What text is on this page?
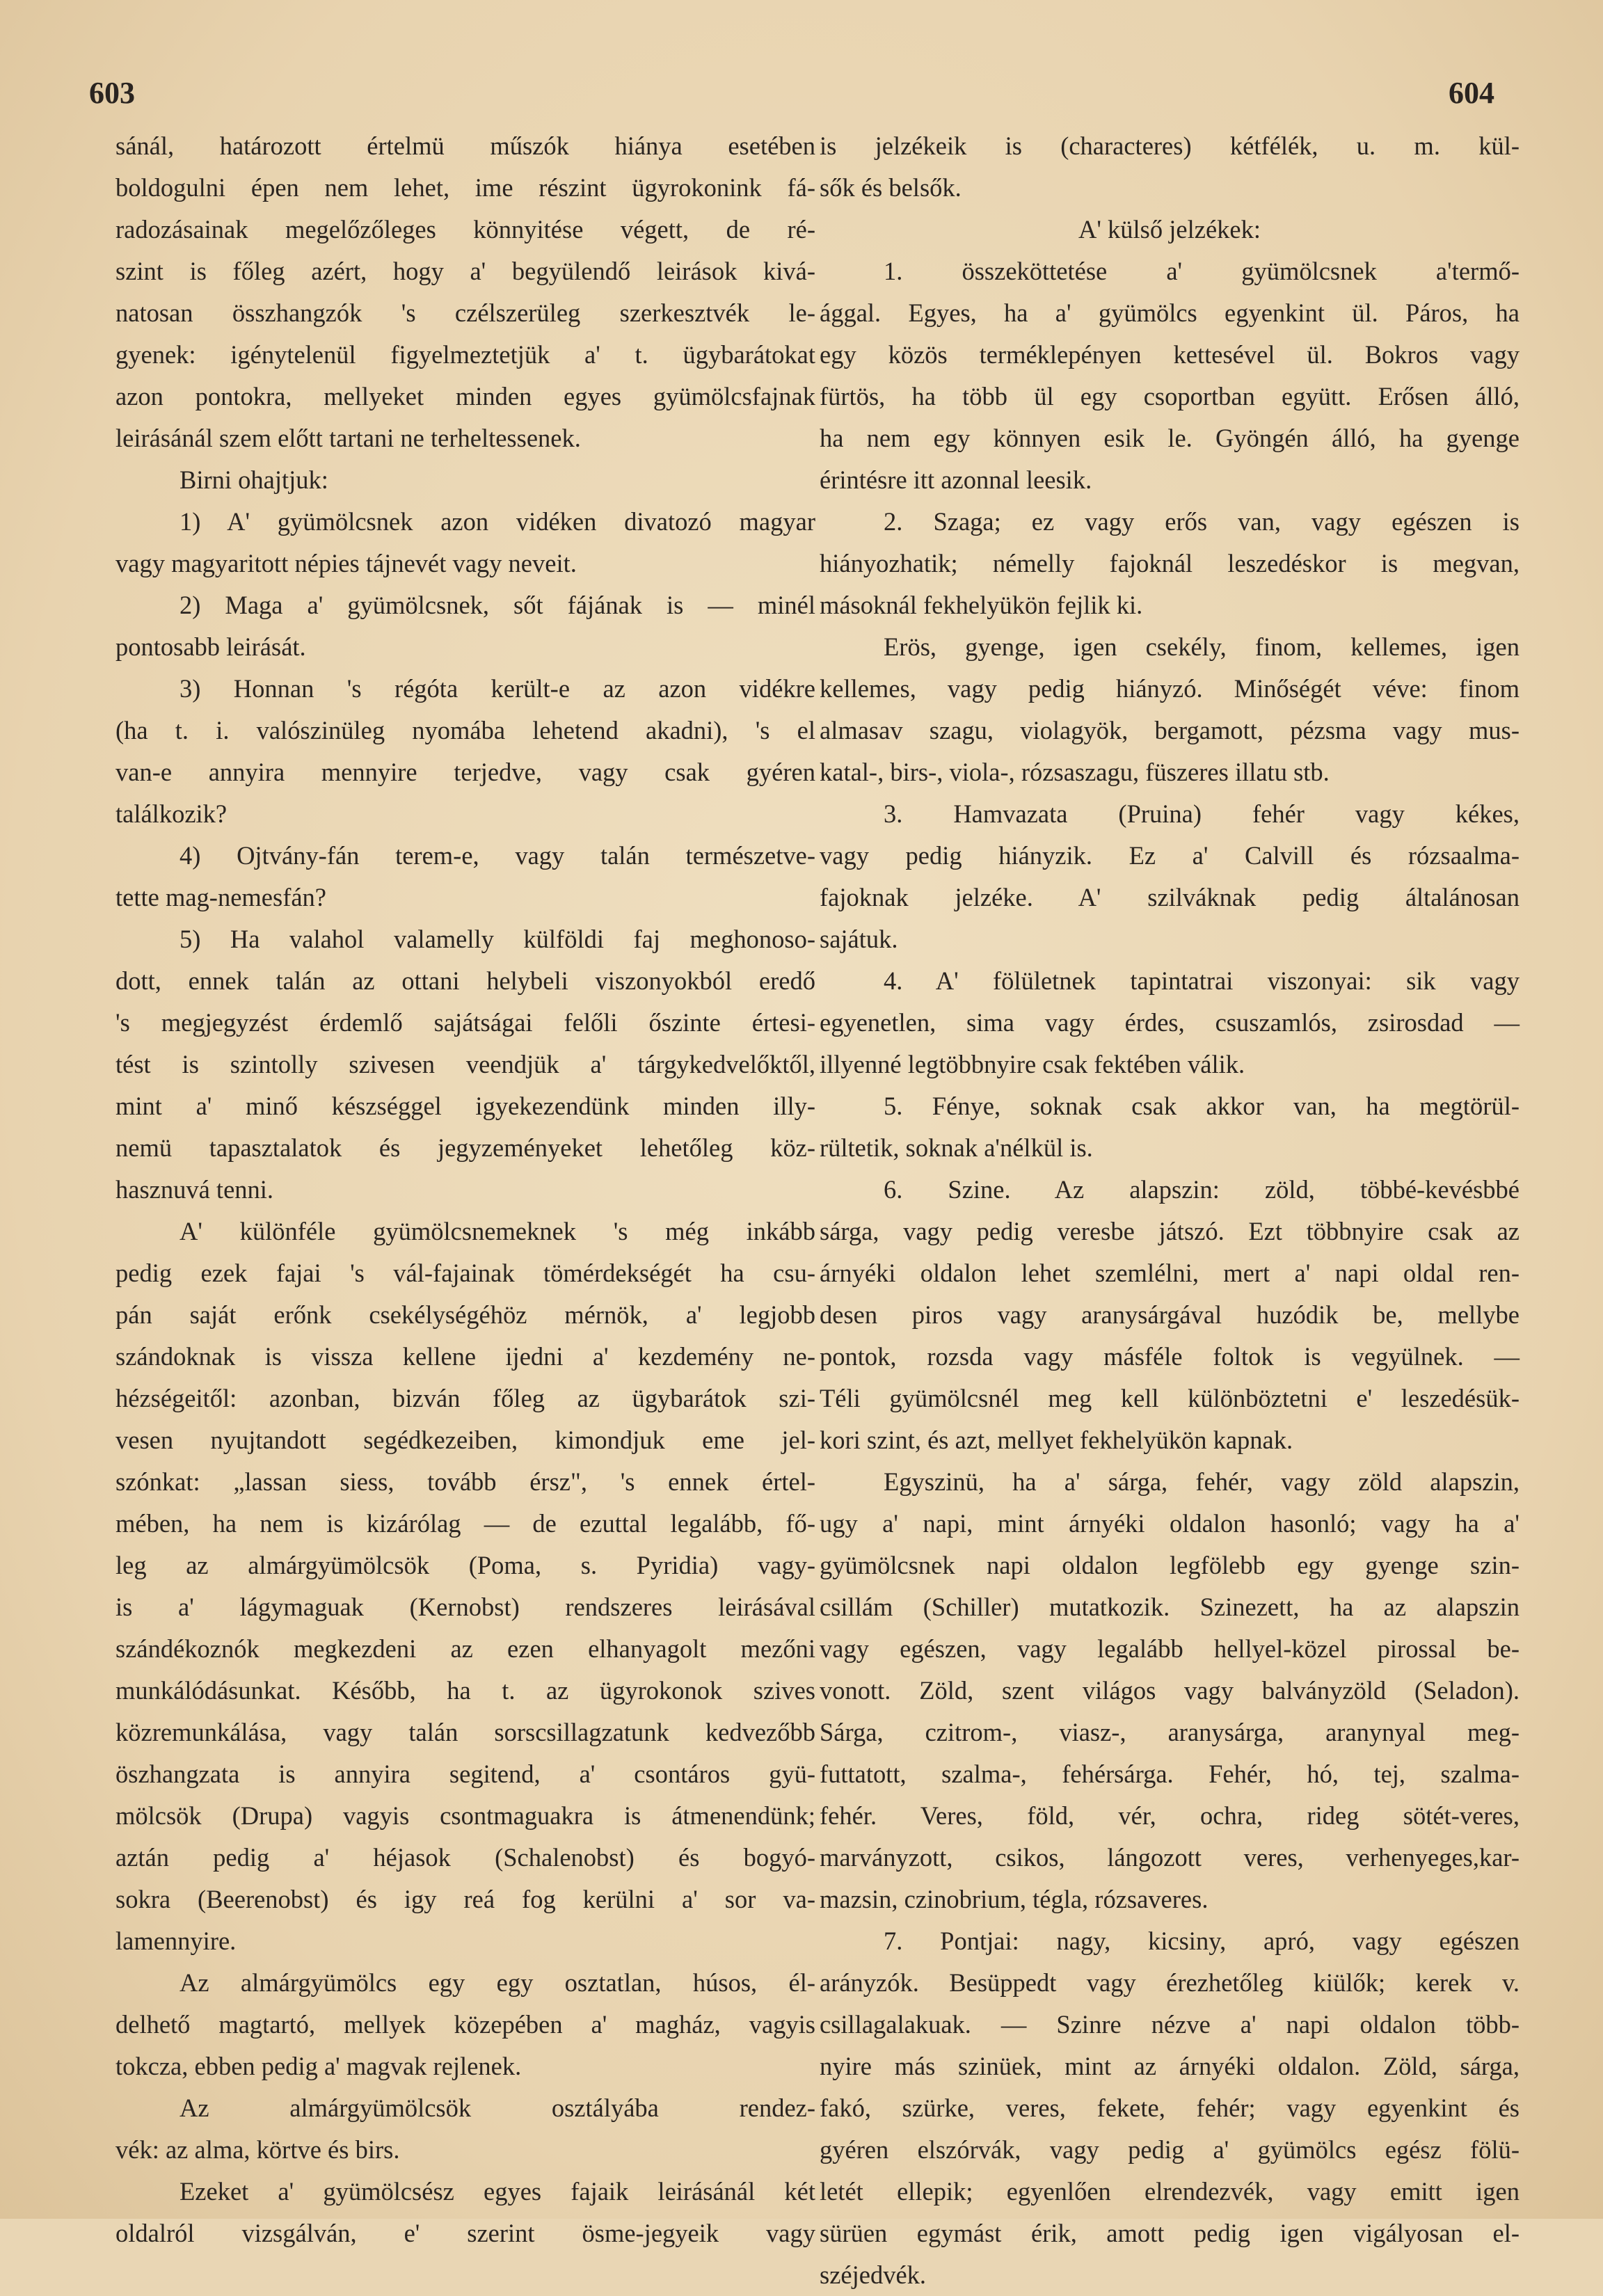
603	604
sánál, határozott értelmü műszók hiánya esetében
boldogulni épen nem lehet, ime részint ügyrokonink fá-
radozásainak megelőzőleges könnyitése végett, de ré-
szint is főleg azért, hogy a' begyülendő leirások kivá-
natosan összhangzók 's czélszerüleg szerkesztvék le-
gyenek: igénytelenül figyelmeztetjük a' t. ügybarátokat
azon pontokra, mellyeket minden egyes gyümölcsfajnak
leirásánál szem előtt tartani ne terheltessenek.
Birni ohajtjuk:
1) A' gyümölcsnek azon vidéken divatozó magyar
vagy magyaritott népies tájnevét vagy neveit.
2) Maga a' gyümölcsnek, sőt fájának is — minél
pontosabb leirását.
3) Honnan 's régóta került-e az azon vidékre
(ha t. i. valószinüleg nyomába lehetend akadni), 's el
van-e annyira mennyire terjedve, vagy csak gyéren
találkozik?
4) Ojtvány-fán terem-e, vagy talán természetve-
tette mag-nemesfán?
5) Ha valahol valamelly külföldi faj meghonoso-
dott, ennek talán az ottani helybeli viszonyokból eredő
's megjegyzést érdemlő sajátságai felőli őszinte értesi-
tést is szintolly szivesen veendjük a' tárgykedvelőktől,
mint a' minő készséggel igyekezendünk minden illy-
nemü tapasztalatok és jegyzeményeket lehetőleg köz-
hasznuvá tenni.
A' különféle gyümölcsnemeknek 's még inkább
pedig ezek fajai 's vál-fajainak tömérdekségét ha csu-
pán saját erőnk csekélységéhöz mérnök, a' legjobb
szándoknak is vissza kellene ijedni a' kezdemény ne-
hézségeitől: azonban, bizván főleg az ügybarátok szi-
vesen nyujtandott segédkezeiben, kimondjuk eme jel-
szónkat: „lassan siess, tovább érsz", 's ennek értel-
mében, ha nem is kizárólag — de ezuttal legalább, fő-
leg az almárgyümölcsök (Poma, s. Pyridia) vagy-
is a' lágymaguak (Kernobst) rendszeres leirásával
szándékoznók megkezdeni az ezen elhanyagolt mezőni
munkálódásunkat. Később, ha t. az ügyrokonok szives
közremunkálása, vagy talán sorscsillagzatunk kedvezőbb
öszhangzata is annyira segitend, a' csontáros gyü-
mölcsök (Drupa) vagyis csontmaguakra is átmenendünk;
aztán pedig a' héjasok (Schalenobst) és bogyó-
sokra (Beerenobst) és igy reá fog kerülni a' sor va-
lamennyire.
Az almárgyümölcs egy egy osztatlan, húsos, él-
delhető magtartó, mellyek közepében a' magház, vagyis
tokcza, ebben pedig a' magvak rejlenek.
Az almárgyümölcsök osztályába rendez-
vék: az alma, körtve és birs.
Ezeket a' gyümölcsész egyes fajaik leirásánál két
oldalról vizsgálván, e' szerint ösme-jegyeik vagy
is jelzékeik is (characteres) kétfélék, u. m. kül-
sők és belsők.
A' külső jelzékek:
1. összeköttetése a' gyümölcsnek a'termő-
ággal. Egyes, ha a' gyümölcs egyenkint ül. Páros, ha
egy közös terméklepényen kettesével ül. Bokros vagy
fürtös, ha több ül egy csoportban együtt. Erősen álló,
ha nem egy könnyen esik le. Gyöngén álló, ha gyenge
érintésre itt azonnal leesik.
2. Szaga; ez vagy erős van, vagy egészen is
hiányozhatik; némelly fajoknál leszedéskor is megvan,
másoknál fekhelyükön fejlik ki.
Erös, gyenge, igen csekély, finom, kellemes, igen
kellemes, vagy pedig hiányzó. Minőségét véve: finom
almasav szagu, violagyök, bergamott, pézsma vagy mus-
katal-, birs-, viola-, rózsaszagu, füszeres illatu stb.
3. Hamvazata (Pruina) fehér vagy kékes,
vagy pedig hiányzik. Ez a' Calvill és rózsaalma-
fajoknak jelzéke. A' szilváknak pedig általánosan
sajátuk.
4. A' fölületnek tapintatrai viszonyai: sik vagy
egyenetlen, sima vagy érdes, csuszamlós, zsirosdad —
illyenné legtöbbnyire csak fektében válik.
5. Fénye, soknak csak akkor van, ha megtörül-
rültetik, soknak a'nélkül is.
6. Szine. Az alapszin: zöld, többé-kevésbbé
sárga, vagy pedig veresbe játszó. Ezt többnyire csak az
árnyéki oldalon lehet szemlélni, mert a' napi oldal ren-
desen piros vagy aranysárgával huzódik be, mellybe
pontok, rozsda vagy másféle foltok is vegyülnek. —
Téli gyümölcsnél meg kell különböztetni e' leszedésük-
kori szint, és azt, mellyet fekhelyükön kapnak.
Egyszinü, ha a' sárga, fehér, vagy zöld alapszin,
ugy a' napi, mint árnyéki oldalon hasonló; vagy ha a'
gyümölcsnek napi oldalon legfölebb egy gyenge szin-
csillám (Schiller) mutatkozik. Szinezett, ha az alapszin
vagy egészen, vagy legalább hellyel-közel pirossal be-
vonott. Zöld, szent világos vagy balványzöld (Seladon).
Sárga, czitrom-, viasz-, aranysárga, aranynyal meg-
futtatott, szalma-, fehérsárga. Fehér, hó, tej, szalma-
fehér. Veres, föld, vér, ochra, rideg sötét-veres,
marványzott, csikos, lángozott veres, verhenyeges,kar-
mazsin, czinobrium, tégla, rózsaveres.
7. Pontjai: nagy, kicsiny, apró, vagy egészen
arányzók. Besüppedt vagy érezhetőleg kiülők; kerek v.
csillagalakuak. — Szinre nézve a' napi oldalon több-
nyire más szinüek, mint az árnyéki oldalon. Zöld, sárga,
fakó, szürke, veres, fekete, fehér; vagy egyenkint és
gyéren elszórvák, vagy pedig a' gyümölcs egész fölü-
letét ellepik; egyenlően elrendezvék, vagy emitt igen
sürüen egymást érik, amott pedig igen vigályosan el-
széjedvék.
